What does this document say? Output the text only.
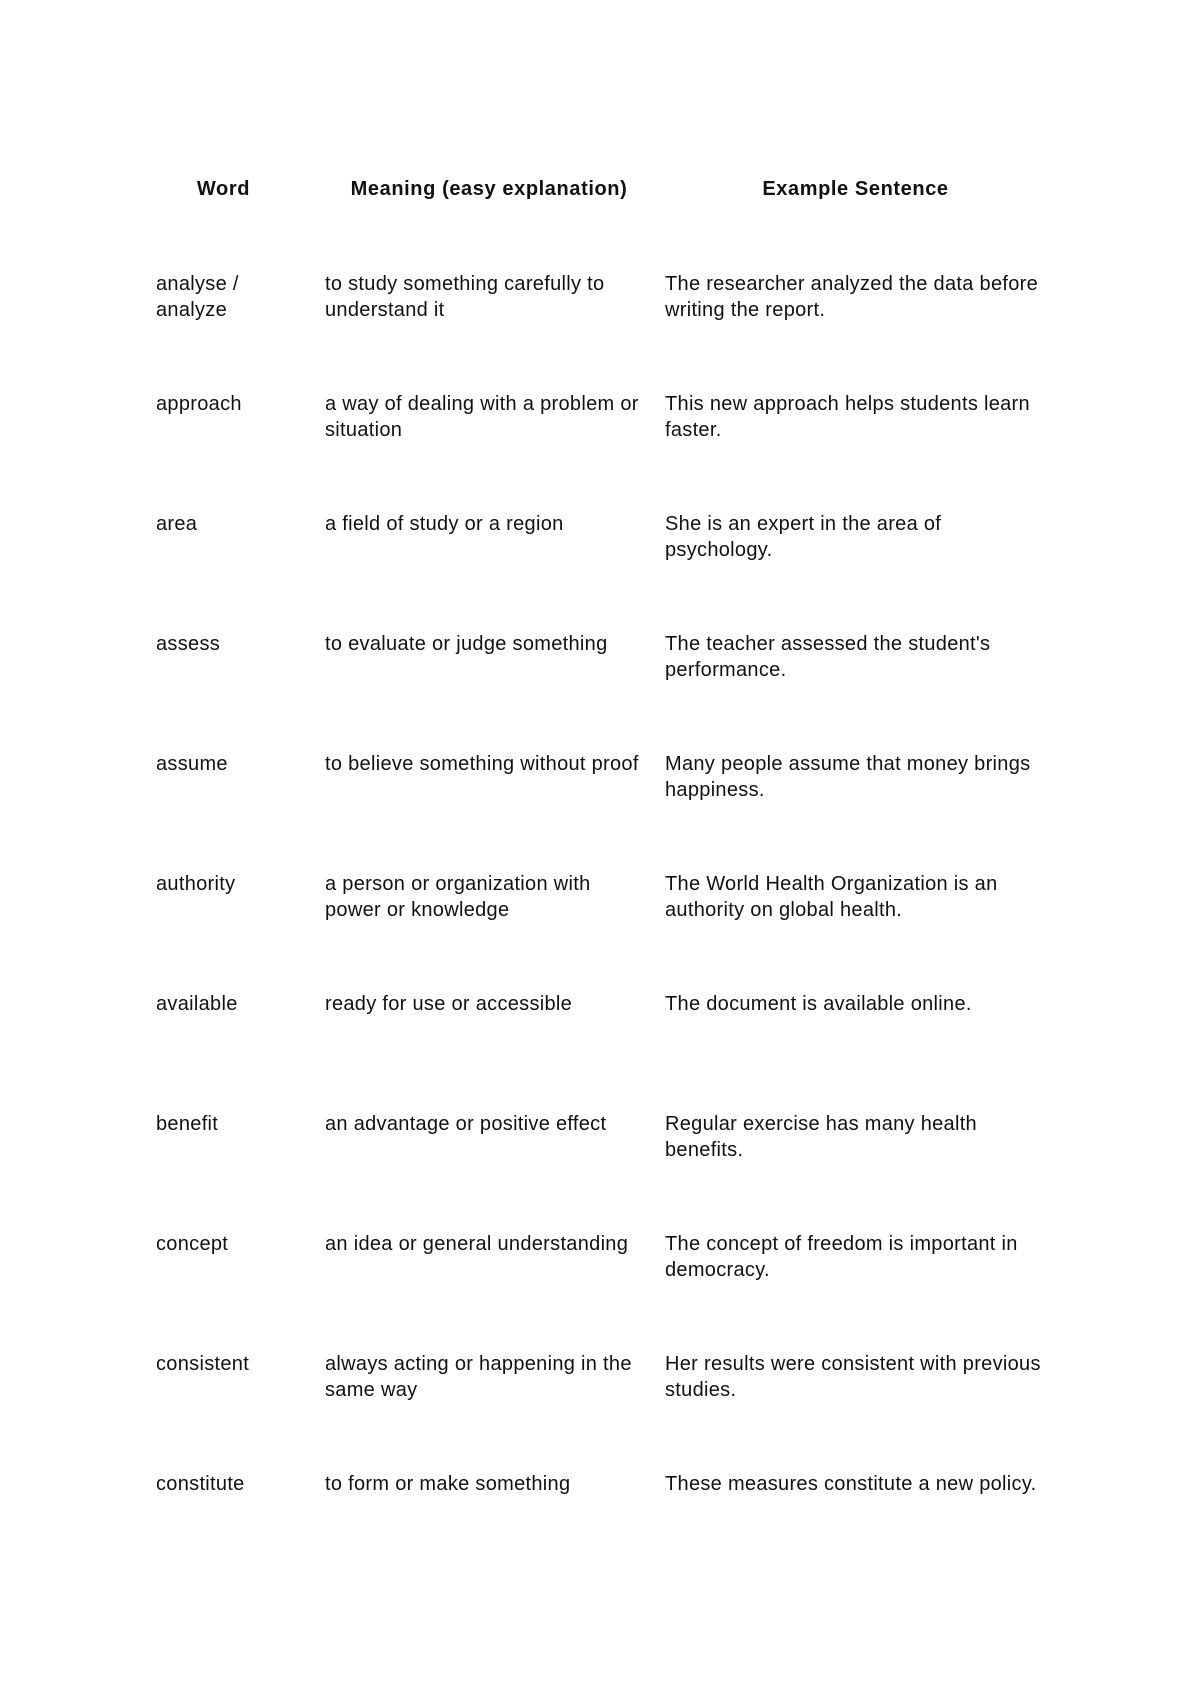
Word	Meaning (easy explanation)	Example Sentence
analyse / analyze	to study something carefully to understand it	The researcher analyzed the data before writing the report.
approach	a way of dealing with a problem or situation	This new approach helps students learn faster.
area	a field of study or a region	She is an expert in the area of psychology.
assess	to evaluate or judge something	The teacher assessed the student's performance.
assume	to believe something without proof	Many people assume that money brings happiness.
authority	a person or organization with power or knowledge	The World Health Organization is an authority on global health.
available	ready for use or accessible	The document is available online.
benefit	an advantage or positive effect	Regular exercise has many health benefits.
concept	an idea or general understanding	The concept of freedom is important in democracy.
consistent	always acting or happening in the same way	Her results were consistent with previous studies.
constitute	to form or make something	These measures constitute a new policy.
